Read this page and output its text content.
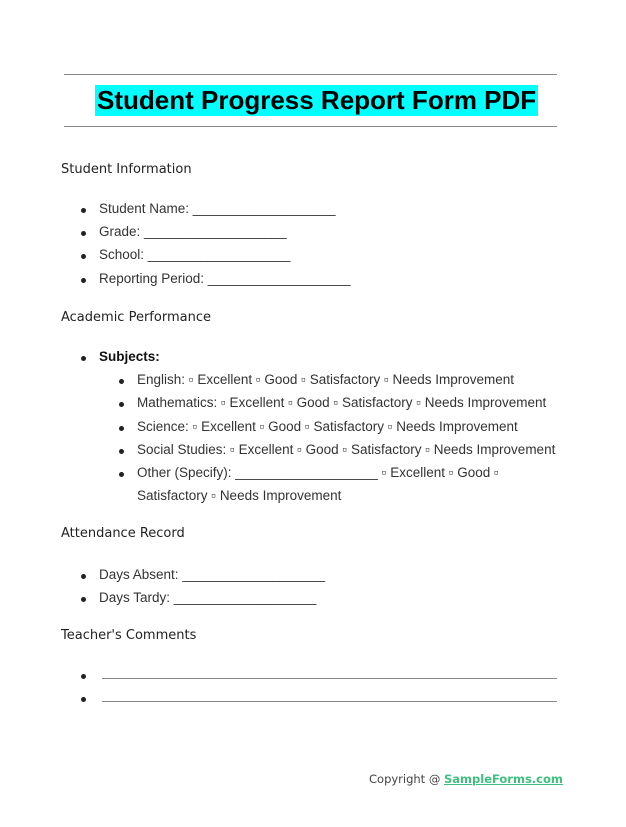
Student Progress Report Form PDF
Student Information
Student Name: ___________________
Grade: ___________________
School: ___________________
Reporting Period: ___________________
Academic Performance
Subjects:
English: ▫ Excellent ▫ Good ▫ Satisfactory ▫ Needs Improvement
Mathematics: ▫ Excellent ▫ Good ▫ Satisfactory ▫ Needs Improvement
Science: ▫ Excellent ▫ Good ▫ Satisfactory ▫ Needs Improvement
Social Studies: ▫ Excellent ▫ Good ▫ Satisfactory ▫ Needs Improvement
Other (Specify): ___________________ ▫ Excellent ▫ Good ▫
Satisfactory ▫ Needs Improvement
Attendance Record
Days Absent: ___________________
Days Tardy: ___________________
Teacher's Comments
Copyright @ SampleForms.com
